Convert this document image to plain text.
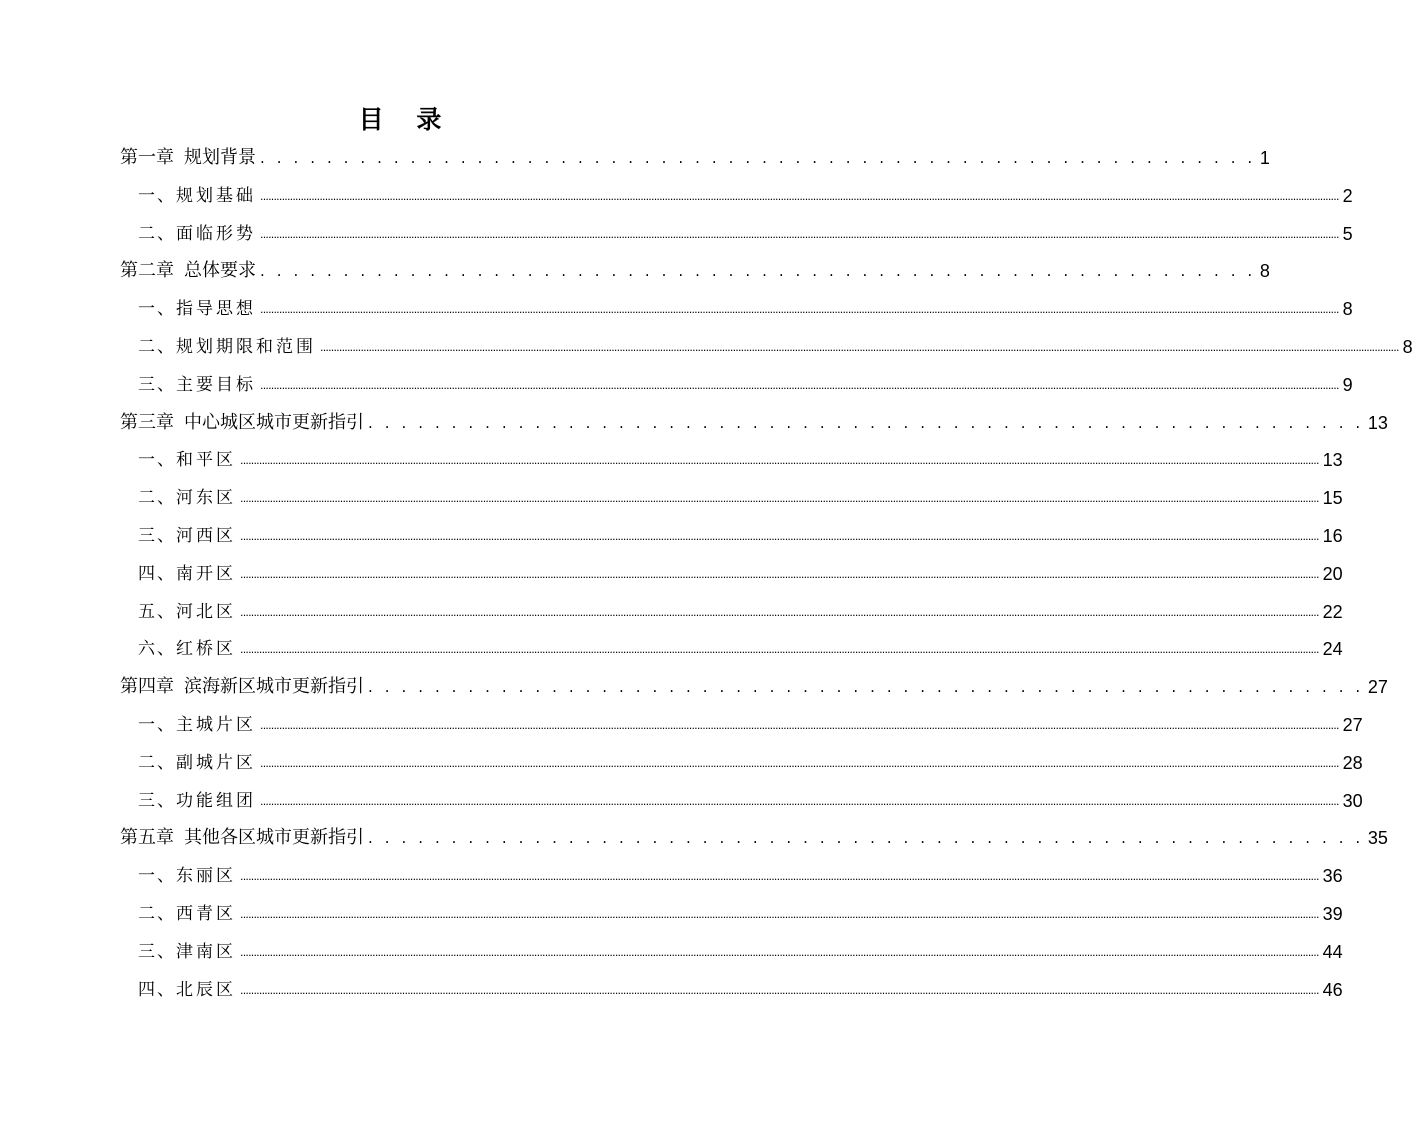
目 录
第一章 规划背景 . . . . . . . . . . . . . . . . . . . . . . . . . . . . . . . . . . . . . . . . . . . . . . . . . . . . . . . . . . . . 1
一、 规划基础 ................................................................................................................................................................................................................................................................................................................................................................................................................ 2
二、 面临形势 ................................................................................................................................................................................................................................................................................................................................................................................................................ 5
第二章 总体要求 . . . . . . . . . . . . . . . . . . . . . . . . . . . . . . . . . . . . . . . . . . . . . . . . . . . . . . . . . . . . 8
一、 指导思想 ................................................................................................................................................................................................................................................................................................................................................................................................................ 8
二、 规划期限和范围 ................................................................................................................................................................................................................................................................................................................................................................................................................ 8
三、 主要目标 ................................................................................................................................................................................................................................................................................................................................................................................................................ 9
第三章 中心城区城市更新指引 . . . . . . . . . . . . . . . . . . . . . . . . . . . . . . . . . . . . . . . . . . . . . . . . . . . . . . . . . . . . 13
一、 和平区 ................................................................................................................................................................................................................................................................................................................................................................................................................ 13
二、 河东区 ................................................................................................................................................................................................................................................................................................................................................................................................................ 15
三、 河西区 ................................................................................................................................................................................................................................................................................................................................................................................................................ 16
四、 南开区 ................................................................................................................................................................................................................................................................................................................................................................................................................ 20
五、 河北区 ................................................................................................................................................................................................................................................................................................................................................................................................................ 22
六、 红桥区 ................................................................................................................................................................................................................................................................................................................................................................................................................ 24
第四章 滨海新区城市更新指引 . . . . . . . . . . . . . . . . . . . . . . . . . . . . . . . . . . . . . . . . . . . . . . . . . . . . . . . . . . . . 27
一、 主城片区 ................................................................................................................................................................................................................................................................................................................................................................................................................ 27
二、 副城片区 ................................................................................................................................................................................................................................................................................................................................................................................................................ 28
三、 功能组团 ................................................................................................................................................................................................................................................................................................................................................................................................................ 30
第五章 其他各区城市更新指引 . . . . . . . . . . . . . . . . . . . . . . . . . . . . . . . . . . . . . . . . . . . . . . . . . . . . . . . . . . . . 35
一、 东丽区 ................................................................................................................................................................................................................................................................................................................................................................................................................ 36
二、 西青区 ................................................................................................................................................................................................................................................................................................................................................................................................................ 39
三、 津南区 ................................................................................................................................................................................................................................................................................................................................................................................................................ 44
四、 北辰区 ................................................................................................................................................................................................................................................................................................................................................................................................................ 46
